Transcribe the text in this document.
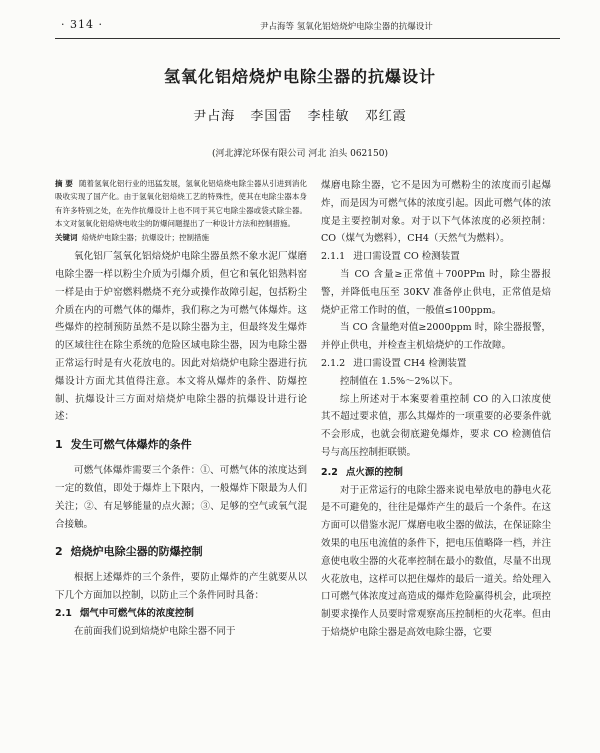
· 314 ·	尹占海等 氢氧化铝焙烧炉电除尘器的抗爆设计
氢氧化铝焙烧炉电除尘器的抗爆设计
尹占海 李国雷 李桂敏 邓红霞
(河北滹沱环保有限公司 河北 泊头 062150)

摘 要 随着氢氧化铝行业的迅猛发展，氢氧化铝焙烧电除尘器从引进到消化吸收实现了国产化。由于氢氧化铝焙烧工艺的特殊性，使其在电除尘器本身有许多特别之处，在先作抗爆设计上也不同于其它电除尘器或袋式除尘器。本文对氢氧化铝焙烧电收尘的防爆问题提出了一种设计方法和控制措施。

关键词 焙烧炉电除尘器；抗爆设计；控制措施

氧化铝厂氢氧化铝焙烧炉电除尘器虽然不象水泥厂煤磨电除尘器一样以粉尘介质为引爆介质，但它和氧化铝熟料窑一样是由于炉窑燃料燃烧不充分或操作故障引起，包括粉尘介质在内的可燃气体的爆炸，我们称之为可燃气体爆炸。这些爆炸的控制预防虽然不是以除尘器为主，但最终发生爆炸的区域往往在除尘系统的危险区域电除尘器，因为电除尘器正常运行时是有火花放电的。因此对焙烧炉电除尘器进行抗爆设计方面尤其值得注意。本文将从爆炸的条件、防爆控制、抗爆设计三方面对焙烧炉电除尘器的抗爆设计进行论述：

1 发生可燃气体爆炸的条件

可燃气体爆炸需要三个条件：①、可燃气体的浓度达到一定的数值，即处于爆炸上下限内，一般爆炸下限最为人们关注；②、有足够能量的点火源；③、足够的空气或氧气混合接触。

2 焙烧炉电除尘器的防爆控制

根据上述爆炸的三个条件，要防止爆炸的产生就要从以下几个方面加以控制，以防止三个条件同时具备：

2.1 烟气中可燃气体的浓度控制

在前面我们说到焙烧炉电除尘器不同于

煤磨电除尘器，它不是因为可燃粉尘的浓度而引起爆炸，而是因为可燃气体的浓度引起。因此可燃气体的浓度是主要控制对象。对于以下气体浓度的必须控制：CO（煤气为燃料），CH4（天然气为燃料）。

2.1.1 进口需设置 CO 检测装置

当 CO 含量≥正常值＋700PPm 时，除尘器报警，并降低电压至 30KV 准备停止供电，正常值是焙烧炉正常工作时的值，一般值≤100ppm。

当 CO 含量绝对值≥2000ppm 时，除尘器报警，并停止供电，并检查主机焙烧炉的工作故障。

2.1.2 进口需设置 CH4 检测装置

控制值在 1.5%～2%以下。

综上所述对于本案要着重控制 CO 的入口浓度使其不超过要求值，那么其爆炸的一项重要的必要条件就不会形成，也就会彻底避免爆炸，要求 CO 检测值信号与高压控制拒联锁。

2.2 点火源的控制

对于正常运行的电除尘器来说电晕放电的静电火花是不可避免的，往往是爆炸产生的最后一个条件。在这方面可以借鉴水泥厂煤磨电收尘器的做法，在保证除尘效果的电压电流值的条件下，把电压值略降一档，并注意使电收尘器的火花率控制在最小的数值，尽量不出现火花放电，这样可以把住爆炸的最后一道关。给处理入口可燃气体浓度过高造成的爆炸危险赢得机会，此项控制要求操作人员要时常观察高压控制柜的火花率。但由于焙烧炉电除尘器是高效电除尘器，它要
